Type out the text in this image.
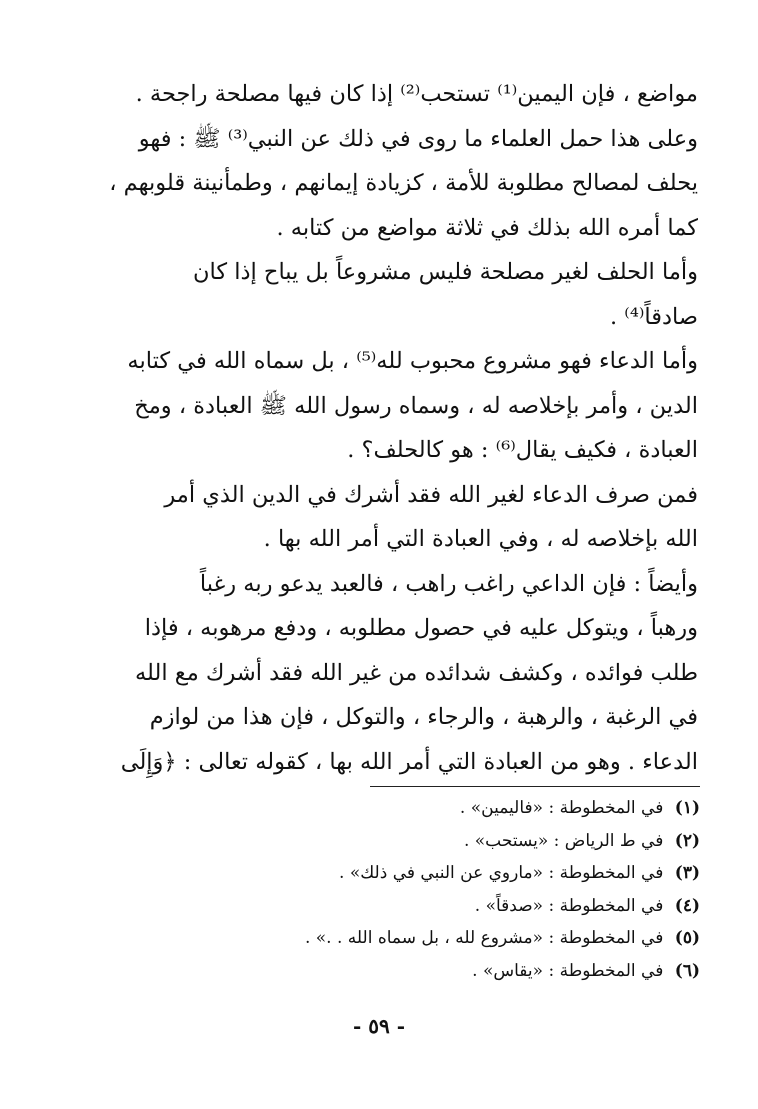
مواضع ، فإن اليمين⁽¹⁾ تستحب⁽²⁾ إذا كان فيها مصلحة راجحة .

وعلى هذا حمل العلماء ما روى في ذلك عن النبي⁽³⁾ ﷺ : فهو
يحلف لمصالح مطلوبة للأمة ، كزيادة إيمانهم ، وطمأنينة قلوبهم ،
كما أمره الله بذلك في ثلاثة مواضع من كتابه .

وأما الحلف لغير مصلحة فليس مشروعاً بل يباح إذا كان
صادقاً⁽⁴⁾ .

وأما الدعاء فهو مشروع محبوب لله⁽⁵⁾ ، بل سماه الله في كتابه
الدين ، وأمر بإخلاصه له ، وسماه رسول الله ﷺ العبادة ، ومخ
العبادة ، فكيف يقال⁽⁶⁾ : هو كالحلف؟ .

فمن صرف الدعاء لغير الله فقد أشرك في الدين الذي أمر
الله بإخلاصه له ، وفي العبادة التي أمر الله بها .

وأيضاً : فإن الداعي راغب راهب ، فالعبد يدعو ربه رغباً
ورهباً ، ويتوكل عليه في حصول مطلوبه ، ودفع مرهوبه ، فإذا
طلب فوائده ، وكشف شدائده من غير الله فقد أشرك مع الله
في الرغبة ، والرهبة ، والرجاء ، والتوكل ، فإن هذا من لوازم
الدعاء . وهو من العبادة التي أمر الله بها ، كقوله تعالى : ﴿وَإِلَى

(١) في المخطوطة : «فاليمين» .
(٢) في ط الرياض : «يستحب» .
(٣) في المخطوطة : «ماروي عن النبي في ذلك» .
(٤) في المخطوطة : «صدقاً» .
(٥) في المخطوطة : «مشروع لله ، بل سماه الله . .» .
(٦) في المخطوطة : «يقاس» .
- ٥٩ -
